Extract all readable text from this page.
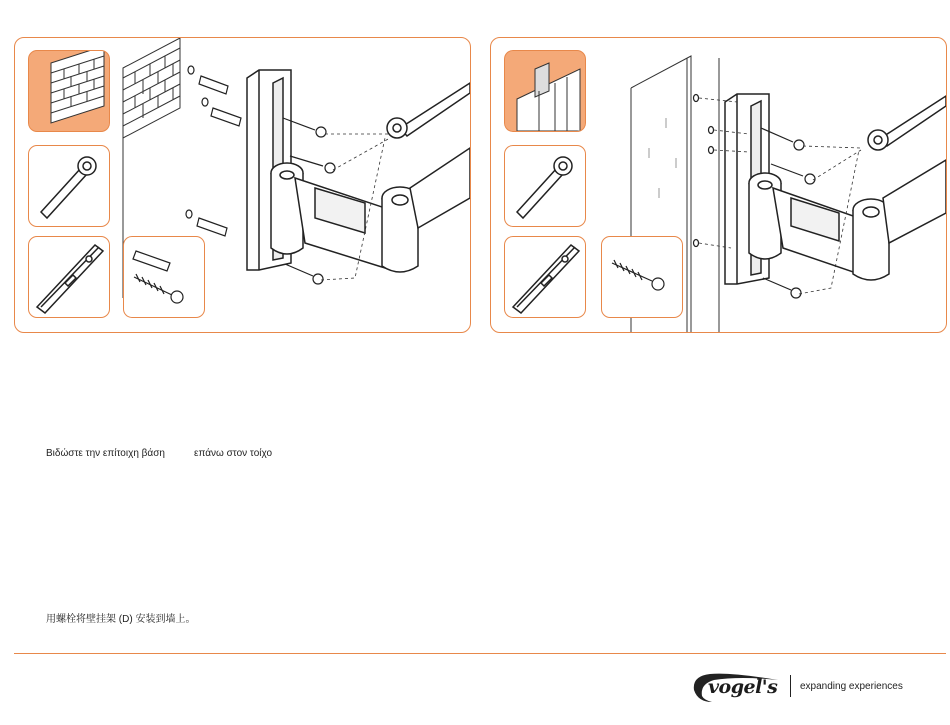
Βιδώστε την επίτοιχη βάση	επάνω στον τοίχο
用螺栓将壁挂架 (D) 安装到墙上。
vogel's expanding experiences
